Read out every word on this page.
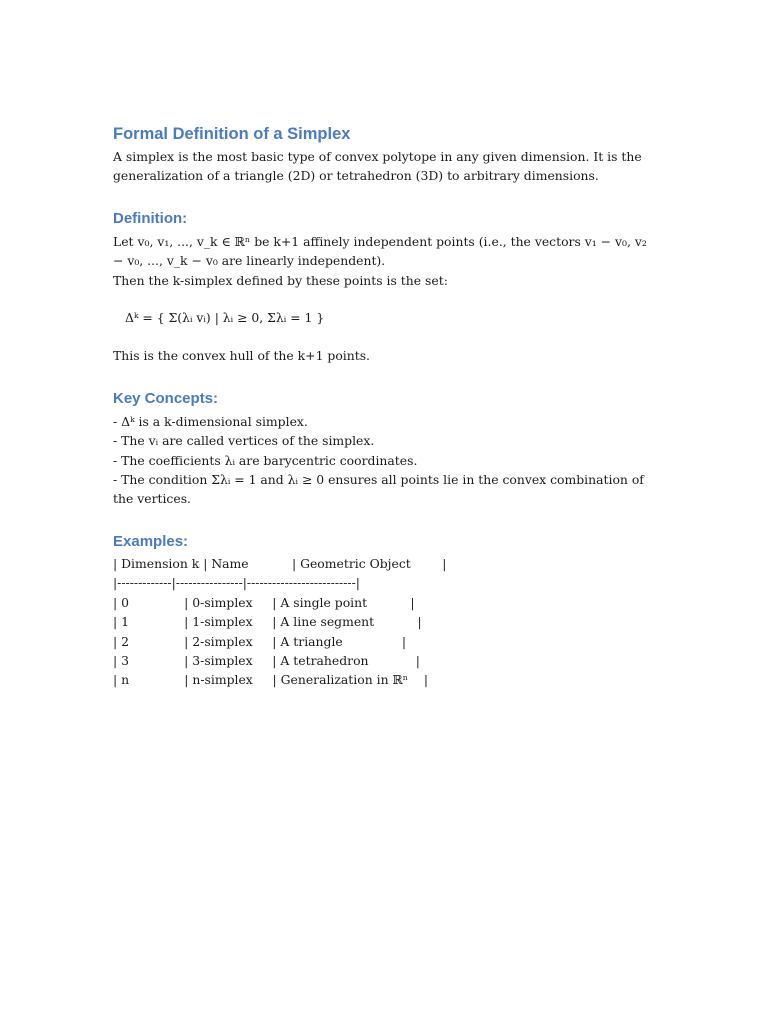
Formal Definition of a Simplex

A simplex is the most basic type of convex polytope in any given dimension. It is the generalization of a triangle (2D) or tetrahedron (3D) to arbitrary dimensions.

Definition:

Let v₀, v₁, ..., v_k ∈ ℝⁿ be k+1 affinely independent points (i.e., the vectors v₁ − v₀, v₂ − v₀, ..., v_k − v₀ are linearly independent).

Then the k-simplex defined by these points is the set:

Δᵏ = { Σ(λᵢ vᵢ) | λᵢ ≥ 0, Σλᵢ = 1 }

This is the convex hull of the k+1 points.

Key Concepts:

- Δᵏ is a k-dimensional simplex.

- The vᵢ are called vertices of the simplex.

- The coefficients λᵢ are barycentric coordinates.

- The condition Σλᵢ = 1 and λᵢ ≥ 0 ensures all points lie in the convex combination of the vertices.

Examples:
| Dimension k | Name           | Geometric Object        |
|-------------|----------------|--------------------------|
| 0              | 0-simplex     | A single point           |
| 1              | 1-simplex     | A line segment           |
| 2              | 2-simplex     | A triangle               |
| 3              | 3-simplex     | A tetrahedron            |
| n              | n-simplex     | Generalization in ℝⁿ    |
